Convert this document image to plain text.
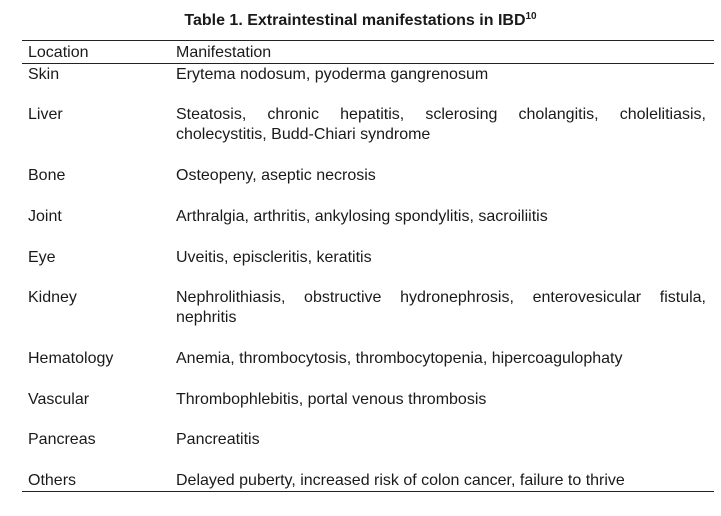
Table 1. Extraintestinal manifestations in IBD$^{10}$
Location	Manifestation
Skin	Erytema nodosum, pyoderma gangrenosum
Liver	Steatosis, chronic hepatitis, sclerosing cholangitis, cholelitiasis, cholecystitis, Budd-Chiari syndrome
Bone	Osteopeny, aseptic necrosis
Joint	Arthralgia, arthritis, ankylosing spondylitis, sacroiliitis
Eye	Uveitis, episcleritis, keratitis
Kidney	Nephrolithiasis, obstructive hydronephrosis, enterovesicular fistula, nephritis
Hematology	Anemia, thrombocytosis, thrombocytopenia, hipercoagulophaty
Vascular	Thrombophlebitis, portal venous thrombosis
Pancreas	Pancreatitis
Others	Delayed puberty, increased risk of colon cancer, failure to thrive
